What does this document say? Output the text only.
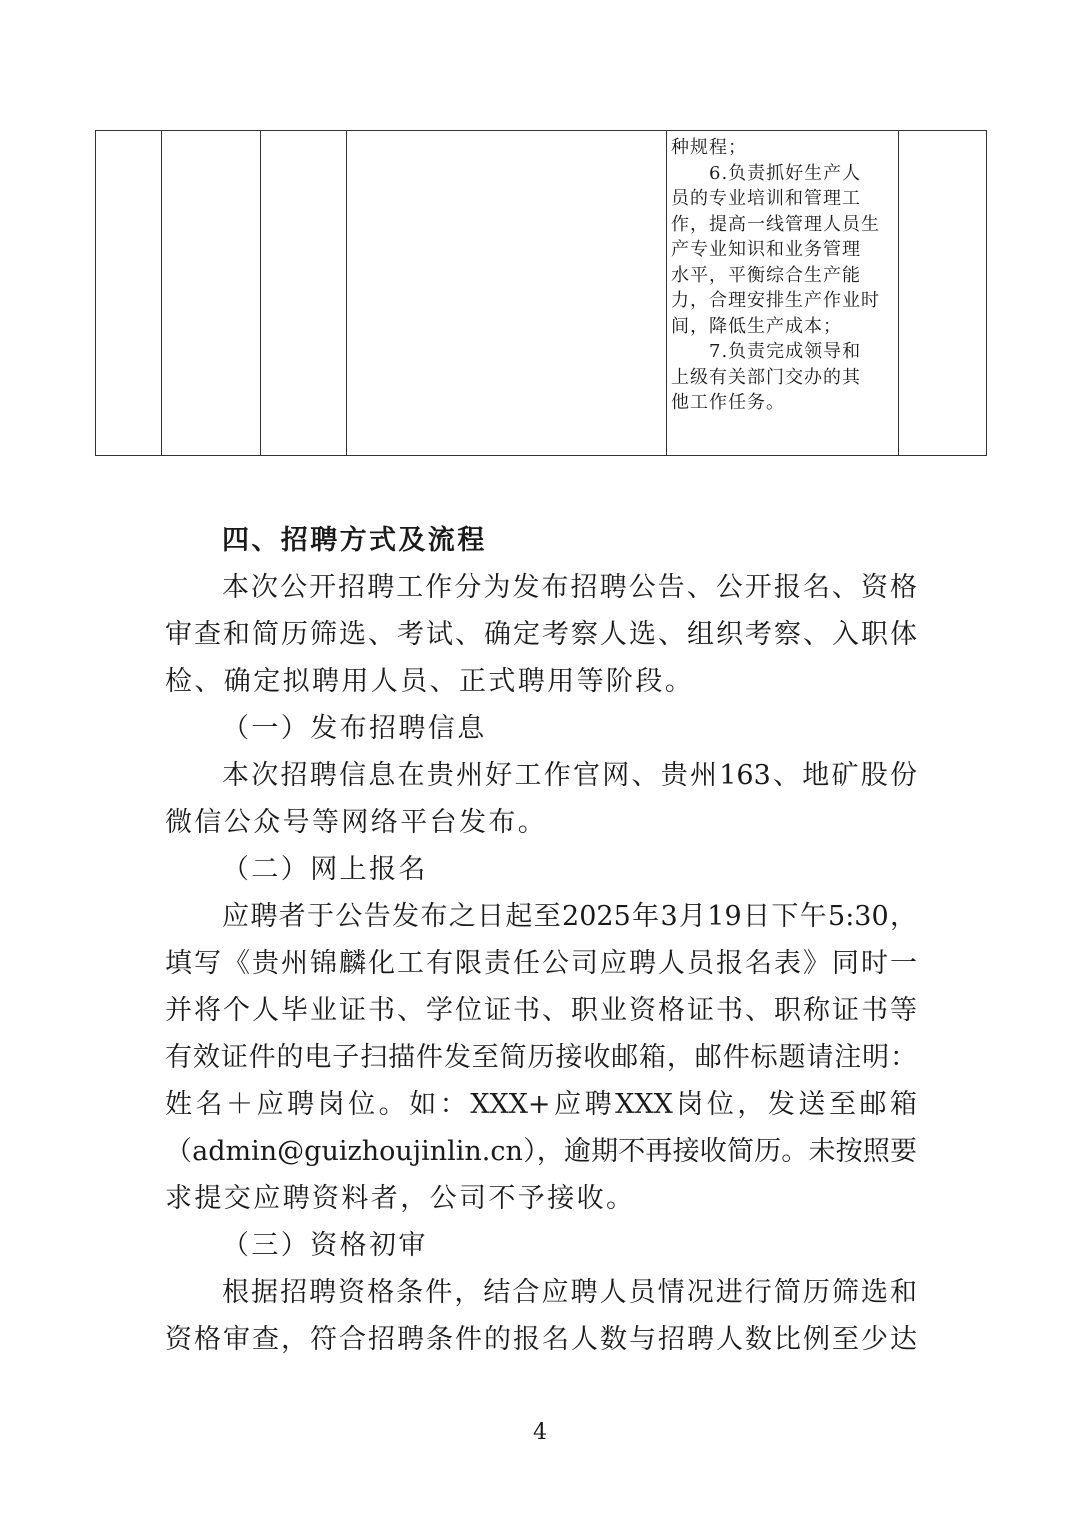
种规程；
6.负责抓好生产人
员的专业培训和管理工
作，提高一线管理人员生
产专业知识和业务管理
水平，平衡综合生产能
力，合理安排生产作业时
间，降低生产成本；
7.负责完成领导和
上级有关部门交办的其
他工作任务。

四、招聘方式及流程
本次公开招聘工作分为发布招聘公告、公开报名、资格
审查和简历筛选、考试、确定考察人选、组织考察、入职体
检、确定拟聘用人员、正式聘用等阶段。
（一）发布招聘信息
本次招聘信息在贵州好工作官网、贵州163、地矿股份
微信公众号等网络平台发布。
（二）网上报名
应聘者于公告发布之日起至2025年3月19日下午5:30，
填写《贵州锦麟化工有限责任公司应聘人员报名表》同时一
并将个人毕业证书、学位证书、职业资格证书、职称证书等
有效证件的电子扫描件发至简历接收邮箱，邮件标题请注明：
姓名＋应聘岗位。如：XXX+应聘XXX岗位，发送至邮箱
（admin@guizhoujinlin.cn），逾期不再接收简历。未按照要
求提交应聘资料者，公司不予接收。
（三）资格初审
根据招聘资格条件，结合应聘人员情况进行简历筛选和
资格审查，符合招聘条件的报名人数与招聘人数比例至少达
4
